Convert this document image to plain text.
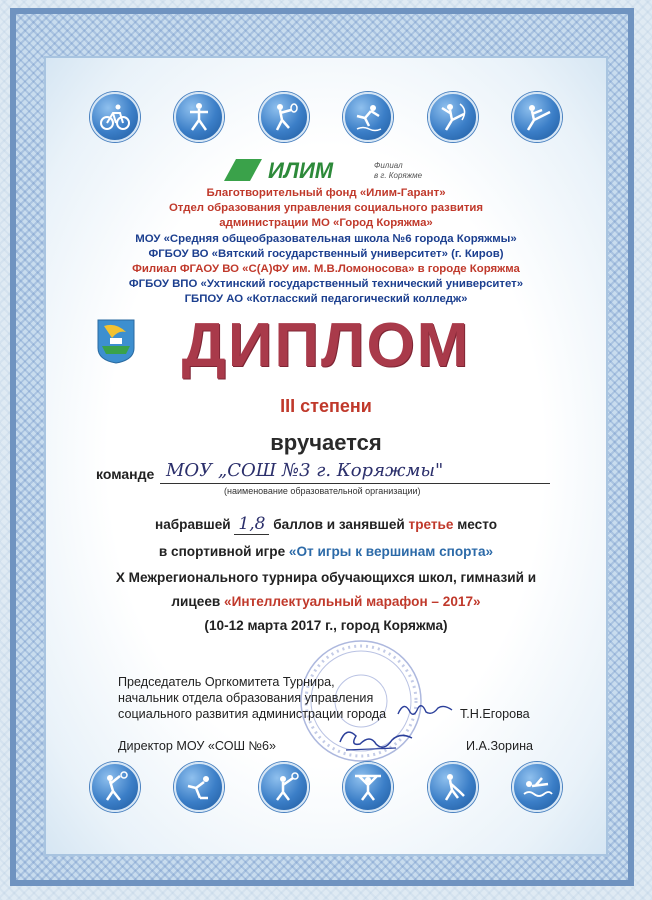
ИЛИМ	Филиал
в г. Коряжме
Благотворительный фонд «Илим-Гарант»
Отдел образования управления социального развития
администрации МО «Город Коряжма»
МОУ «Средняя общеобразовательная школа №6 города Коряжмы»
ФГБОУ ВО «Вятский государственный университет» (г. Киров)
Филиал ФГАОУ ВО «С(А)ФУ им. М.В.Ломоносова» в городе Коряжма
ФГБОУ ВПО «Ухтинский государственный технический университет»
ГБПОУ АО «Котласский педагогический колледж»
ДИПЛОМ
III степени
вручается
команде МОУ „СОШ №3 г. Коряжмы"
(наименование образовательной организации)
набравшей 1,8 баллов и занявшей третье место
в спортивной игре «От игры к вершинам спорта»
X Межрегионального турнира обучающихся школ, гимназий и
лицеев «Интеллектуальный марафон – 2017»
(10-12 марта 2017 г., город Коряжма)
Председатель Оргкомитета Турнира,
начальник отдела образования управления
социального развития администрации города	Т.Н.Егорова
Директор МОУ «СОШ №6»	И.А.Зорина
